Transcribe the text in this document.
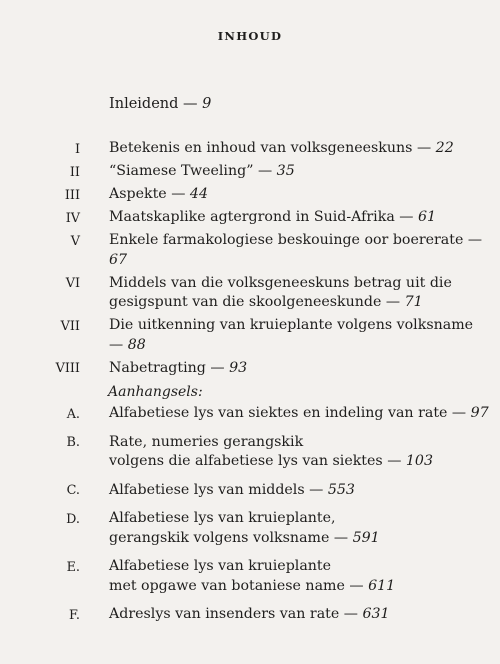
INHOUD
Inleidend — 9
I Betekenis en inhoud van volksgeneeskuns — 22
II “Siamese Tweeling” — 35
III Aspekte — 44
IV Maatskaplike agtergrond in Suid-Afrika — 61
V Enkele farmakologiese beskouinge oor boererate — 67
VI Middels van die volksgeneeskuns betrag uit die
gesigspunt van die skoolgeneeskunde — 71
VII Die uitkenning van kruieplante volgens volksname — 88
VIII Nabetragting — 93
Aanhangsels:
A. Alfabetiese lys van siektes en indeling van rate — 97
B. Rate, numeries gerangskik
volgens die alfabetiese lys van siektes — 103
C. Alfabetiese lys van middels — 553
D. Alfabetiese lys van kruieplante,
gerangskik volgens volksname — 591
E. Alfabetiese lys van kruieplante
met opgawe van botaniese name — 611
F. Adreslys van insenders van rate — 631
